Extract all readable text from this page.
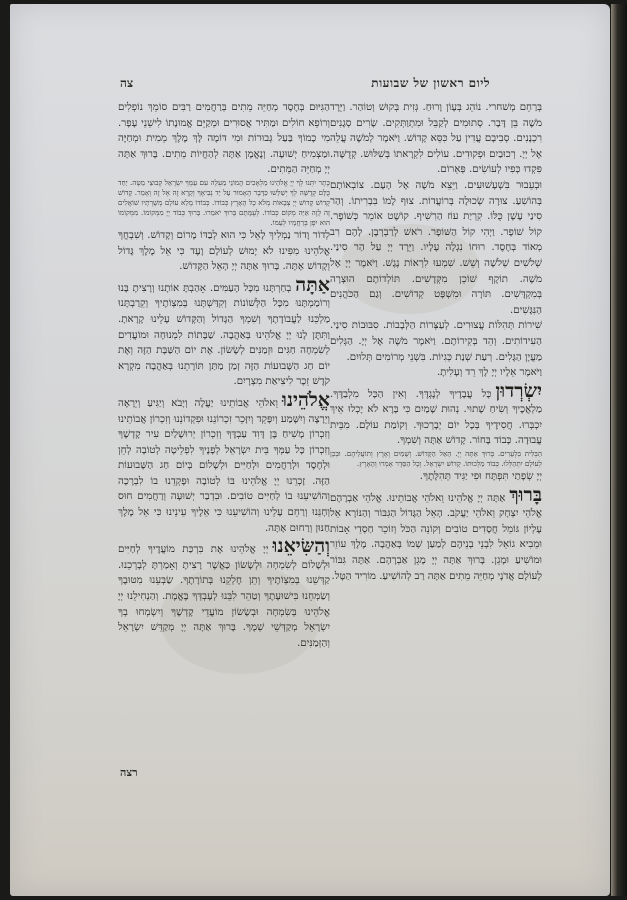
ליום ראשון של שבועות
צה

בְּרַחֵם מְשׁחרי. נוֹהֵג בְּעָוֹן וָרוּחַ. גְּזִית בְּקוּשׁ וְטוֹהַר. וַיֵּרֶד מֹשֶׁה בֵּן דָּבָר. סְתוּמִים לְקַבֵּל וּמִתְוַתְּקִים. שָׂרִים סְגָנִים רִכְנָנִים. סְבִיבָם עֲדִין עַל כִּסֵּא קָדוֹשׁ. וַיֹּאמֶר לְמֹשֶׁה עֲלֵה אֶל יְיָ. רְכוּבַיִם וּפְקוּדִים. עוֹלִים לִקְרָאתוֹ בְּשִׁלּוּשׁ. קְדֻשָּׁה. פִּקְדוּ כְּפִיו לְעוֹשִׂים. פְּאֵרוֹם.

וּבְעֵבוּר בִּשְׁעָשׁוּעִים. וַיֵּצֵא מֹשֶׁה אֶל הָעָם. צוֹבְאוֹתָם בְּהוֹשִׁעַ. צוּרָה שְׂכוּלָה בְּרוֹעֲדוֹת. צוּף לָמוֹ בִּבְרִיתוֹ. וְהַר סִינַי עָשָׁן כֻּלּוֹ. קִרְיַת עוֹז הַרִשִׁיף. קוֹשֶׁט אוֹמֵר כְּשׁוֹפָר. קוֹל שׁוֹפָר. וַיְהִי קוֹל הַשּׁוֹפָר. רֹאשׁ לְרַבְרְבָן. לָהֶם רִב מְאוֹד בְּחֶסֶד. רוּחוֹ נִגְלָה עָלָיו. וַיֵּרֶד יְיָ עַל הַר סִינַי. שְׁלֹשִׁים שְׁלֹשָׁה וְשֵׁשׁ. שִׁמְעוּ לִרְאוֹת נֶגֶשׁ. וַיֹּאמֶר יְיָ אֶל מֹשֶׁה. תוֹקֶף שׁוֹכֵן מִקְּדָשִׁים. תּוֹלְדוֹתָם הוּצְרָה בְּמִקְדָּשִׁים. תּוֹרָה וּמִשְׁפָּט קְדוֹשִׁים. וְגַם הַכֹּהֲנִים הַנִּגָּשִׁים.

שִׁירוֹת תְּהִלּוֹת עֲצוּרִים. לְעַצְּרוֹת הַלְּבָבוֹת. סִבּוּבוֹת סִינַי. הַעִידוֹתִים. וְהֵד בְּקִירוֹתָם. וַיֹּאמֶר מֹשֶׁה אֶל יְיָ. הַגְּלִים מַעֲיָן הַגָּלִים. רְעַת שְׁנַת כְּגִיוֹת. בִּשְׁנֵי מְרוֹמִים תְּלוּיִם.

וַיֹּאמֶר אֵלָיו יְיָ לֶךְ רֵד וְעָלִיתָ.

יִשְׂרְדוּןכָּל עֲבָדֶיךָ לְנֶגְדֶּךָ. וְאִין הַכָּל מִלְבַדֶּךָ. מַלְאֲכֶיךָ וְשִׂיחַ שָׁתוּי. נְהוּת שָׁמַיִם כִּי בָּרָא לֹא יָכְלוּ אֵיךְ יִכְבְּרוּ. חֲסִידֶיךָ בְּכָל יוֹם יְבָרְכוּךָ. וְקוֹמַת עוֹלָם. מִבֵּית עֲבוּדָה. כָּבוֹד בָּחוֹר. קָדוֹשׁ אַתָּה וְשִׁמְךָ.

הַבְּלִית בִּלְעָרִים. בָּרוּךְ אַתָּה יְיָ. הָאֵל הַקָּדוֹשׁ. וְשָׁמַיִם וְאָרֶץ וְתוֹעֲלֵיהֶם. וּבְכֵן לְעוֹלָם יִתְהַלְּלוּ. כְּבוֹד מַלְכוּתוֹ. קָדוֹשׁ יִשְׂרָאֵל. וְכָל הַסֵּדֶר אָמְרוּ וְהָאָרֶץ.

יְיָ שְׂפָתַי תִּפְתָּח וּפִי יַגִּיד תְּהִלָּתֶךָ.

בָּרוּךְאַתָּה יְיָ אֱלֹהֵינוּ וֵאלֹהֵי אֲבוֹתֵינוּ. אֱלֹהֵי אַבְרָהָם אֱלֹהֵי יִצְחָק וֵאלֹהֵי יַעֲקֹב. הָאֵל הַגָּדוֹל הַגִּבּוֹר וְהַנּוֹרָא אֵל עֶלְיוֹן גּוֹמֵל חֲסָדִים טוֹבִים וְקוֹנֵה הַכֹּל וְזוֹכֵר חַסְדֵי אָבוֹת וּמֵבִיא גוֹאֵל לִבְנֵי בְנֵיהֶם לְמַעַן שְׁמוֹ בְּאַהֲבָה. מֶלֶךְ עוֹזֵר וּמוֹשִׁיעַ וּמָגֵן. בָּרוּךְ אַתָּה יְיָ מָגֵן אַבְרָהָם. אַתָּה גִּבּוֹר לְעוֹלָם אֲדֹנָי מְחַיֵּה מֵתִים אַתָּה רַב לְהוֹשִׁיעַ. מוֹרִיד הַטָּל.

הַגִּיּוּם בְּחֶסֶד מְחַיֵּה מֵתִים בְּרַחֲמִים רַבִּים סוֹמֵךְ נוֹפְלִים וְרוֹפֵא חוֹלִים וּמַתִּיר אֲסוּרִים וּמְקַיֵּם אֱמוּנָתוֹ לִישֵׁנֵי עָפָר. מִי כָמוֹךָ בַּעַל גְּבוּרוֹת וּמִי דּוֹמֶה לָּךְ מֶלֶךְ מֵמִית וּמְחַיֶּה וּמַצְמִיחַ יְשׁוּעָה. וְנֶאֱמָן אַתָּה לְהַחֲיוֹת מֵתִים. בָּרוּךְ אַתָּה יְיָ מְחַיֵּה הַמֵּתִים.

כֶּתֶר יִתְּנוּ לְךָ יְיָ אֱלֹהֵינוּ מַלְאָכִים הֲמוֹנֵי מַעְלָה עִם עַמְּךָ יִשְׂרָאֵל קְבוּצֵי מַטָּה. יַחַד כֻּלָּם קְדֻשָּׁה לְךָ יְשַׁלֵּשׁוּ כַּדָּבָר הָאָמוּר עַל יַד נְבִיאֶךָ וְקָרָא זֶה אֶל זֶה וְאָמַר. קָדוֹשׁ קָדוֹשׁ קָדוֹשׁ יְיָ צְבָאוֹת מְלֹא כָל הָאָרֶץ כְּבוֹדוֹ. כְּבוֹדוֹ מָלֵא עוֹלָם מְשָׁרְתָיו שׁוֹאֲלִים זֶה לָזֶה אַיֵּה מְקוֹם כְּבוֹדוֹ. לְעֻמָּתָם בָּרוּךְ יֹאמֵרוּ. בָּרוּךְ כְּבוֹד יְיָ מִמְּקוֹמוֹ. מִמְּקוֹמוֹ הוּא יִפֶן בְּרַחֲמָיו לְעַמּוֹ.

לְדוֹר וָדוֹר נַמְלִיךְ לָאֵל כִּי הוּא לְבַדּוֹ מָרוֹם וְקָדוֹשׁ. וְשִׁבְחֲךָ אֱלֹהֵינוּ מִפִּינוּ לֹא יָמוּשׁ לְעוֹלָם וָעֶד כִּי אֵל מֶלֶךְ גָּדוֹל וְקָדוֹשׁ אָתָּה. בָּרוּךְ אַתָּה יְיָ הָאֵל הַקָּדוֹשׁ.

אַתָּהבְחַרְתָּנוּ מִכָּל הָעַמִּים. אָהַבְתָּ אוֹתָנוּ וְרָצִיתָ בָּנוּ וְרוֹמַמְתָּנוּ מִכָּל הַלְּשׁוֹנוֹת וְקִדַּשְׁתָּנוּ בְּמִצְוֹתֶיךָ וְקֵרַבְתָּנוּ מַלְכֵּנוּ לַעֲבוֹדָתֶךָ וְשִׁמְךָ הַגָּדוֹל וְהַקָּדוֹשׁ עָלֵינוּ קָרָאתָ. וַתִּתֶּן לָנוּ יְיָ אֱלֹהֵינוּ בְּאַהֲבָה. שַׁבָּתוֹת לִמְנוּחָה וּמוֹעֲדִים לְשִׂמְחָה חַגִּים וּזְמַנִּים לְשָׂשׂוֹן. אֶת יוֹם הַשַּׁבָּת הַזֶּה וְאֶת יוֹם חַג הַשָּׁבוּעוֹת הַזֶּה זְמַן מַתַּן תּוֹרָתֵנוּ בְּאַהֲבָה מִקְרָא קֹדֶשׁ זֵכֶר לִיצִיאַת מִצְרָיִם.

אֱלֹהֵינוּוֵאלֹהֵי אֲבוֹתֵינוּ יַעֲלֶה וְיָבֹא וְיַגִּיעַ וְיֵרָאֶה וְיֵרָצֶה וְיִשָּׁמַע וְיִפָּקֵד וְיִזָּכֵר זִכְרוֹנֵנוּ וּפִקְדוֹנֵנוּ וְזִכְרוֹן אֲבוֹתֵינוּ וְזִכְרוֹן מָשִׁיחַ בֶּן דָּוִד עַבְדֶּךָ וְזִכְרוֹן יְרוּשָׁלַיִם עִיר קָדְשֶׁךָ וְזִכְרוֹן כָּל עַמְּךָ בֵּית יִשְׂרָאֵל לְפָנֶיךָ לִפְלֵיטָה לְטוֹבָה לְחֵן וּלְחֶסֶד וּלְרַחֲמִים וּלְחַיִּים וּלְשָׁלוֹם בְּיוֹם חַג הַשָּׁבוּעוֹת הַזֶּה. זָכְרֵנוּ יְיָ אֱלֹהֵינוּ בּוֹ לְטוֹבָה וּפָקְדֵנוּ בוֹ לִבְרָכָה וְהוֹשִׁיעֵנוּ בוֹ לְחַיִּים טוֹבִים. וּבִדְבַר יְשׁוּעָה וְרַחֲמִים חוּס וְחָנֵּנוּ וְרַחֵם עָלֵינוּ וְהוֹשִׁיעֵנוּ כִּי אֵלֶיךָ עֵינֵינוּ כִּי אֵל מֶלֶךְ חַנּוּן וְרַחוּם אָתָּה.

וְהַשִּׂיאֵנוּיְיָ אֱלֹהֵינוּ אֶת בִּרְכַּת מוֹעֲדֶיךָ לְחַיִּים וּלְשָׁלוֹם לְשִׂמְחָה וּלְשָׂשׂוֹן כַּאֲשֶׁר רָצִיתָ וְאָמַרְתָּ לְבָרְכֵנוּ. קַדְּשֵׁנוּ בְּמִצְוֹתֶיךָ וְתֵן חֶלְקֵנוּ בְּתוֹרָתֶךָ. שַׂבְּעֵנוּ מִטּוּבֶךָ וְשַׂמְּחֵנוּ בִּישׁוּעָתֶךָ וְטַהֵר לִבֵּנוּ לְעָבְדְּךָ בֶּאֱמֶת. וְהַנְחִילֵנוּ יְיָ אֱלֹהֵינוּ בְּשִׂמְחָה וּבְשָׂשׂוֹן מוֹעֲדֵי קָדְשֶׁךָ וְיִשְׂמְחוּ בְךָ יִשְׂרָאֵל מְקַדְּשֵׁי שְׁמֶךָ. בָּרוּךְ אַתָּה יְיָ מְקַדֵּשׁ יִשְׂרָאֵל וְהַזְּמַנִּים.

רצה
